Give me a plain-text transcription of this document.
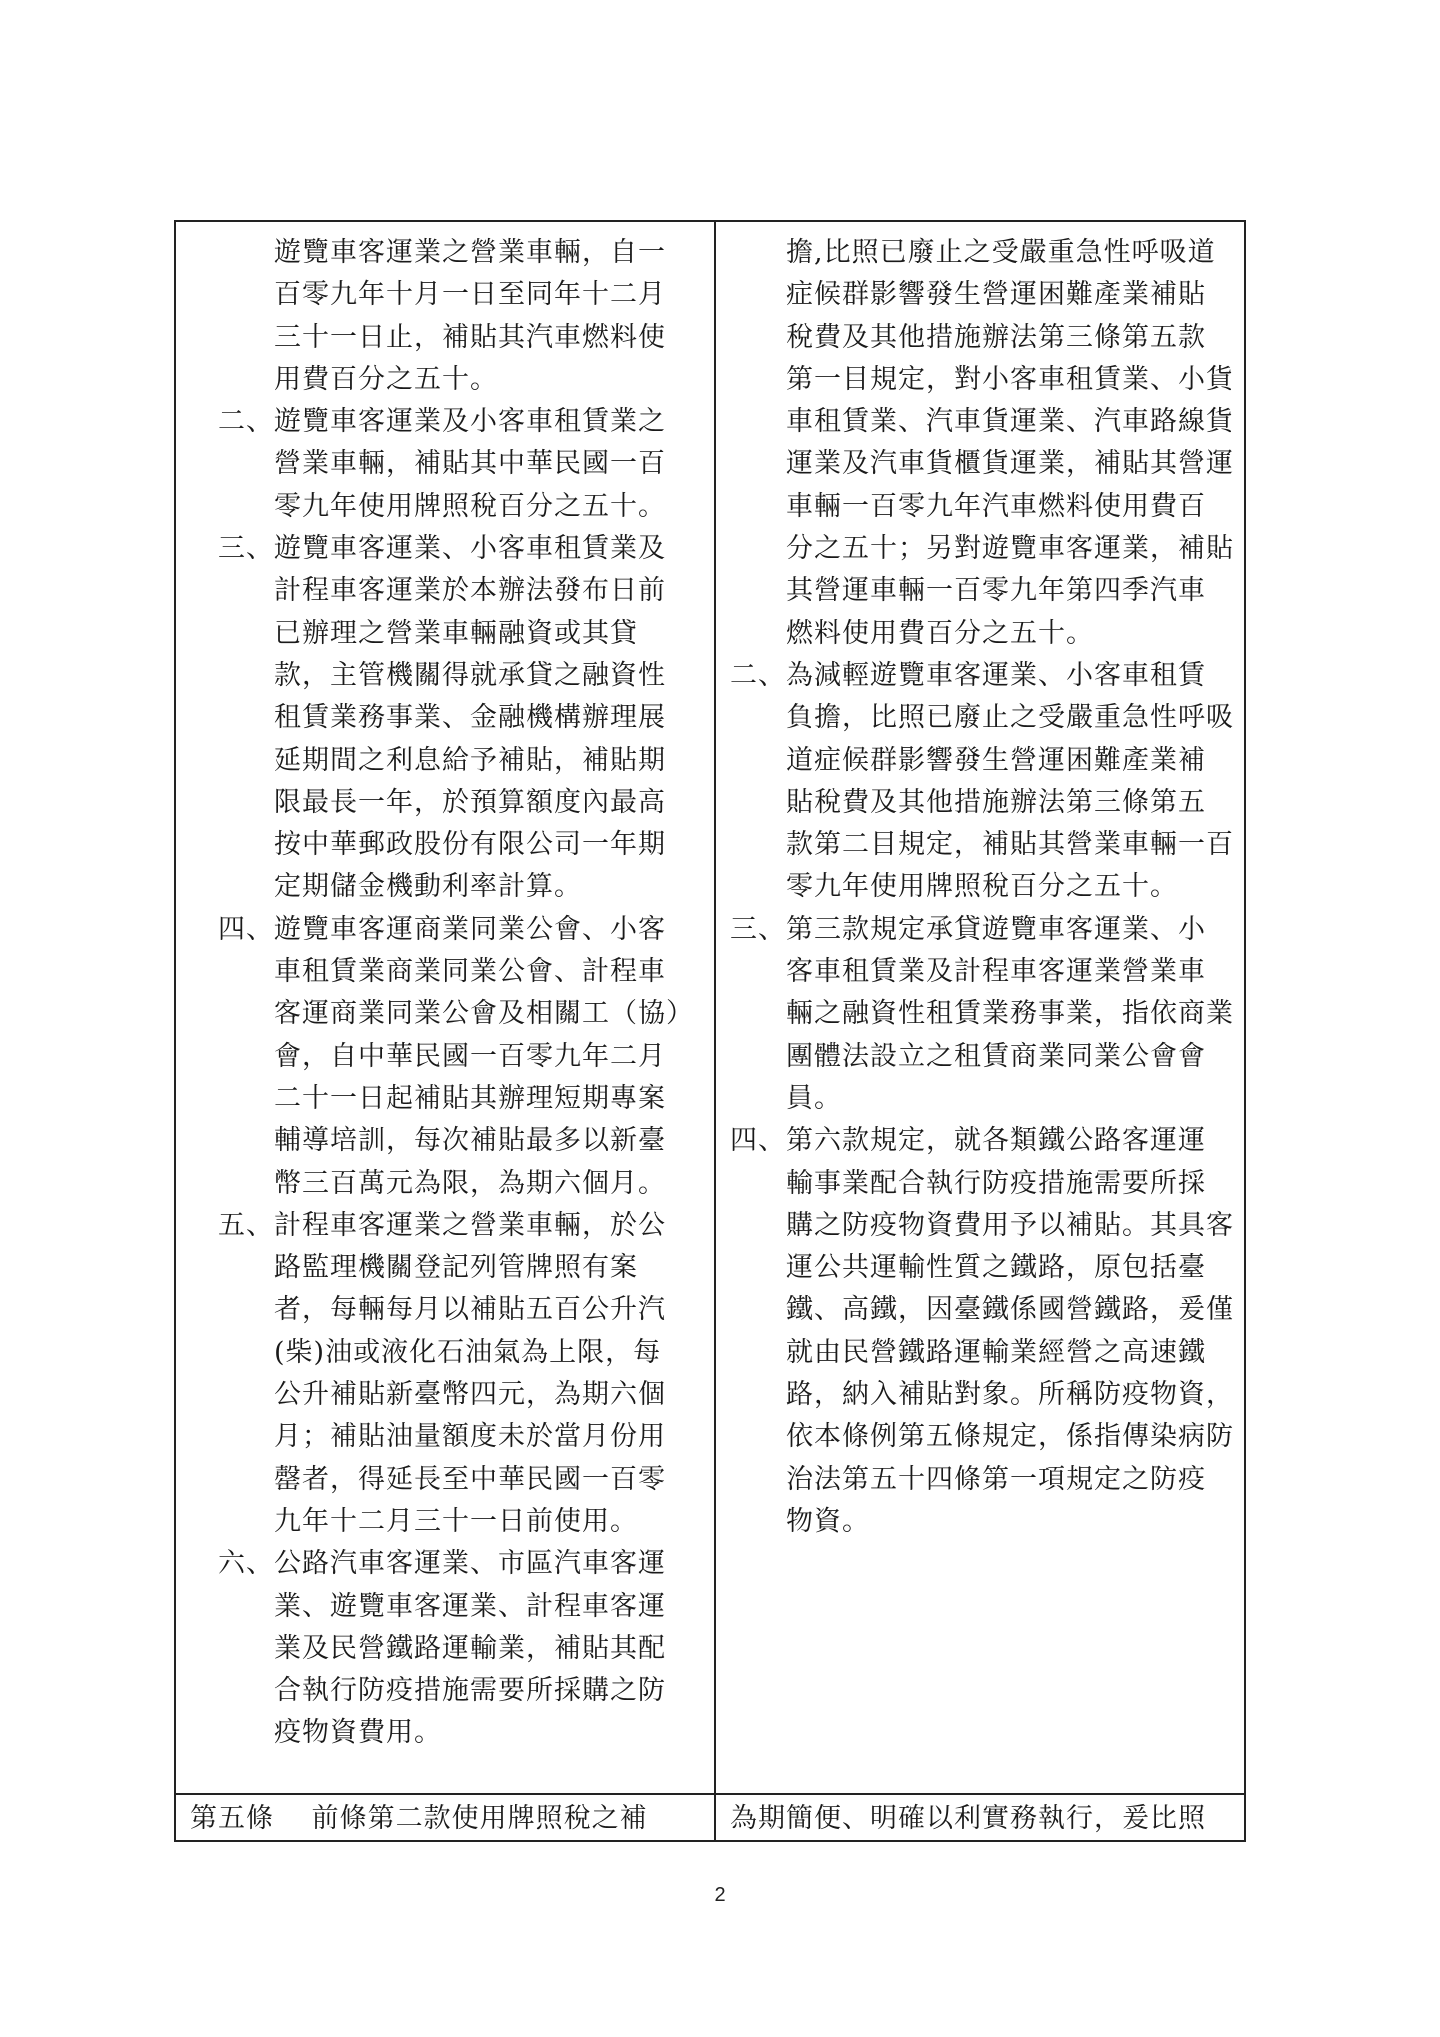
　　　遊覽車客運業之營業車輛，自一
　　　百零九年十月一日至同年十二月
　　　三十一日止，補貼其汽車燃料使
　　　用費百分之五十。
　二、遊覽車客運業及小客車租賃業之
　　　營業車輛，補貼其中華民國一百
　　　零九年使用牌照稅百分之五十。
　三、遊覽車客運業、小客車租賃業及
　　　計程車客運業於本辦法發布日前
　　　已辦理之營業車輛融資或其貸
　　　款，主管機關得就承貸之融資性
　　　租賃業務事業、金融機構辦理展
　　　延期間之利息給予補貼，補貼期
　　　限最長一年，於預算額度內最高
　　　按中華郵政股份有限公司一年期
　　　定期儲金機動利率計算。
　四、遊覽車客運商業同業公會、小客
　　　車租賃業商業同業公會、計程車
　　　客運商業同業公會及相關工（協）
　　　會，自中華民國一百零九年二月
　　　二十一日起補貼其辦理短期專案
　　　輔導培訓，每次補貼最多以新臺
　　　幣三百萬元為限，為期六個月。
　五、計程車客運業之營業車輛，於公
　　　路監理機關登記列管牌照有案
　　　者，每輛每月以補貼五百公升汽
　　　(柴)油或液化石油氣為上限，每
　　　公升補貼新臺幣四元，為期六個
　　　月；補貼油量額度未於當月份用
　　　罄者，得延長至中華民國一百零
　　　九年十二月三十一日前使用。
　六、公路汽車客運業、市區汽車客運
　　　業、遊覽車客運業、計程車客運
　　　業及民營鐵路運輸業，補貼其配
　　　合執行防疫措施需要所採購之防
　　　疫物資費用。
　　擔,比照已廢止之受嚴重急性呼吸道
　　症候群影響發生營運困難產業補貼
　　稅費及其他措施辦法第三條第五款
　　第一目規定，對小客車租賃業、小貨
　　車租賃業、汽車貨運業、汽車路線貨
　　運業及汽車貨櫃貨運業，補貼其營運
　　車輛一百零九年汽車燃料使用費百
　　分之五十；另對遊覽車客運業，補貼
　　其營運車輛一百零九年第四季汽車
　　燃料使用費百分之五十。
二、為減輕遊覽車客運業、小客車租賃
　　負擔，比照已廢止之受嚴重急性呼吸
　　道症候群影響發生營運困難產業補
　　貼稅費及其他措施辦法第三條第五
　　款第二目規定，補貼其營業車輛一百
　　零九年使用牌照稅百分之五十。
三、第三款規定承貸遊覽車客運業、小
　　客車租賃業及計程車客運業營業車
　　輛之融資性租賃業務事業，指依商業
　　團體法設立之租賃商業同業公會會
　　員。
四、第六款規定，就各類鐵公路客運運
　　輸事業配合執行防疫措施需要所採
　　購之防疫物資費用予以補貼。其具客
　　運公共運輸性質之鐵路，原包括臺
　　鐵、高鐵，因臺鐵係國營鐵路，爰僅
　　就由民營鐵路運輸業經營之高速鐵
　　路，納入補貼對象。所稱防疫物資，
　　依本條例第五條規定，係指傳染病防
　　治法第五十四條第一項規定之防疫
　　物資。
第五條　 前條第二款使用牌照稅之補	為期簡便、明確以利實務執行，爰比照
2
